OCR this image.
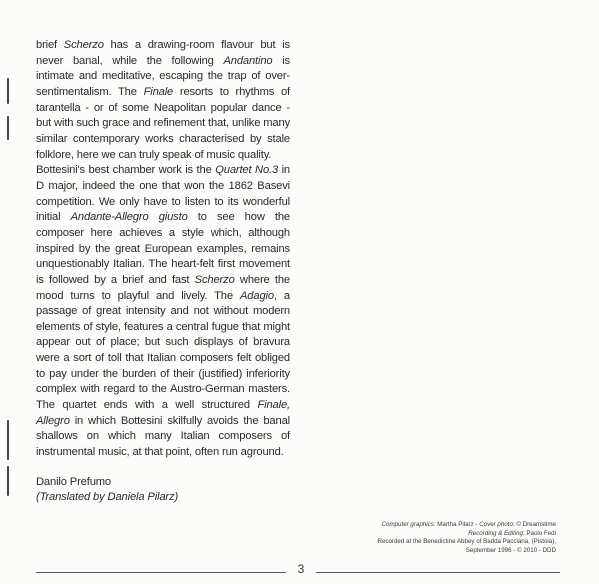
brief Scherzo has a drawing-room flavour but is never banal, while the following Andantino is intimate and meditative, escaping the trap of over-sentimentalism. The Finale resorts to rhythms of tarantella - or of some Neapolitan popular dance - but with such grace and refinement that, unlike many similar contemporary works characterised by stale folklore, here we can truly speak of music quality.

Bottesini's best chamber work is the Quartet No.3 in D major, indeed the one that won the 1862 Basevi competition. We only have to listen to its wonderful initial Andante-Allegro giusto to see how the composer here achieves a style which, although inspired by the great European examples, remains unquestionably Italian. The heart-felt first movement is followed by a brief and fast Scherzo where the mood turns to playful and lively. The Adagio, a passage of great intensity and not without modern elements of style, features a central fugue that might appear out of place; but such displays of bravura were a sort of toll that Italian composers felt obliged to pay under the burden of their (justified) inferiority complex with regard to the Austro-German masters. The quartet ends with a well structured Finale, Allegro in which Bottesini skilfully avoids the banal shallows on which many Italian composers of instrumental music, at that point, often run aground.

Danilo Prefumo
(Translated by Daniela Pilarz)

Computer graphics: Martha Pilarz - Cover photo: © Dreamstime
Recording & Editing: Paolo Fedi
Recorded at the Benedictine Abbey of Badda Pacciana, (Pistoia),
September 1996 - © 2010 - DDD
3
